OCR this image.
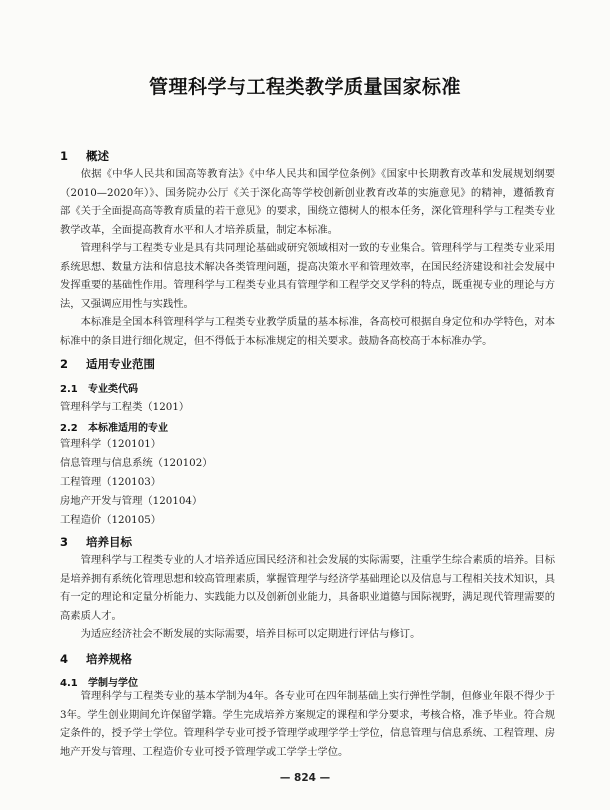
管理科学与工程类教学质量国家标准
1 概述

依据《中华人民共和国高等教育法》《中华人民共和国学位条例》《国家中长期教育改革和发展规划纲要（2010—2020年）》、国务院办公厅《关于深化高等学校创新创业教育改革的实施意见》的精神，遵循教育部《关于全面提高高等教育质量的若干意见》的要求，围绕立德树人的根本任务，深化管理科学与工程类专业教学改革，全面提高教育水平和人才培养质量，制定本标准。

管理科学与工程类专业是具有共同理论基础或研究领域相对一致的专业集合。管理科学与工程类专业采用系统思想、数量方法和信息技术解决各类管理问题，提高决策水平和管理效率，在国民经济建设和社会发展中发挥重要的基础性作用。管理科学与工程类专业具有管理学和工程学交叉学科的特点，既重视专业的理论与方法，又强调应用性与实践性。

本标准是全国本科管理科学与工程类专业教学质量的基本标准，各高校可根据自身定位和办学特色，对本标准中的条目进行细化规定，但不得低于本标准规定的相关要求。鼓励各高校高于本标准办学。

2 适用专业范围
2.1 专业类代码
管理科学与工程类（1201）
2.2 本标准适用的专业
管理科学（120101）
信息管理与信息系统（120102）
工程管理（120103）
房地产开发与管理（120104）
工程造价（120105）
3 培养目标

管理科学与工程类专业的人才培养适应国民经济和社会发展的实际需要，注重学生综合素质的培养。目标是培养拥有系统化管理思想和较高管理素质，掌握管理学与经济学基础理论以及信息与工程相关技术知识，具有一定的理论和定量分析能力、实践能力以及创新创业能力，具备职业道德与国际视野，满足现代管理需要的高素质人才。

为适应经济社会不断发展的实际需要，培养目标可以定期进行评估与修订。

4 培养规格
4.1 学制与学位

管理科学与工程类专业的基本学制为4年。各专业可在四年制基础上实行弹性学制，但修业年限不得少于3年。学生创业期间允许保留学籍。学生完成培养方案规定的课程和学分要求，考核合格，准予毕业。符合规定条件的，授予学士学位。管理科学专业可授予管理学或理学学士学位，信息管理与信息系统、工程管理、房地产开发与管理、工程造价专业可授予管理学或工学学士学位。

— 824 —
